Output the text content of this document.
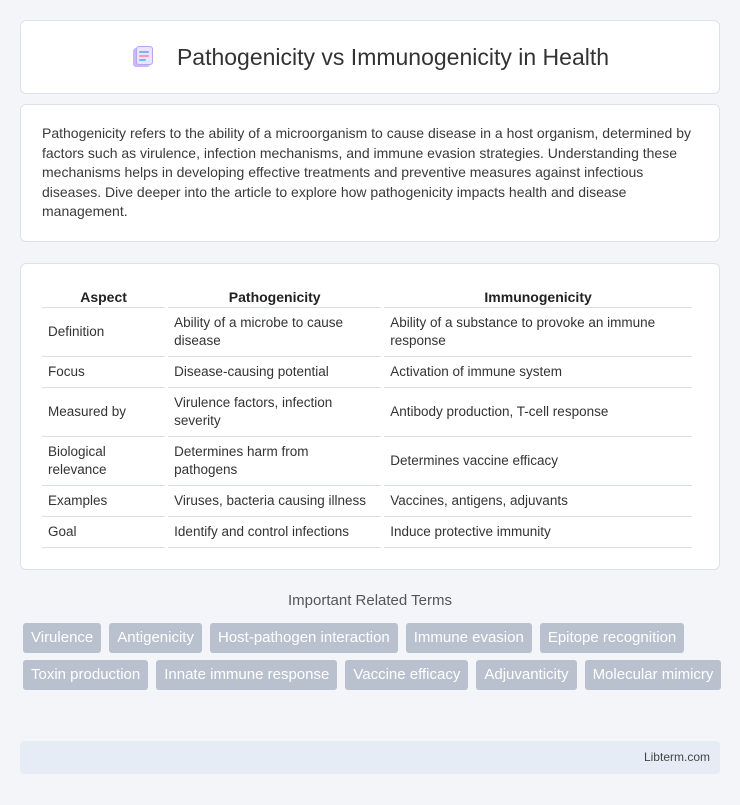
Pathogenicity vs Immunogenicity in Health

Pathogenicity refers to the ability of a microorganism to cause disease in a host organism, determined by factors such as virulence, infection mechanisms, and immune evasion strategies. Understanding these mechanisms helps in developing effective treatments and preventive measures against infectious diseases. Dive deeper into the article to explore how pathogenicity impacts health and disease management.

Aspect	Pathogenicity	Immunogenicity
Definition	Ability of a microbe to cause disease	Ability of a substance to provoke an immune response
Focus	Disease-causing potential	Activation of immune system
Measured by	Virulence factors, infection severity	Antibody production, T-cell response
Biological relevance	Determines harm from pathogens	Determines vaccine efficacy
Examples	Viruses, bacteria causing illness	Vaccines, antigens, adjuvants
Goal	Identify and control infections	Induce protective immunity
Important Related Terms
Virulence	Antigenicity	Host-pathogen interaction	Immune evasion	Epitope recognition
Toxin production	Innate immune response	Vaccine efficacy	Adjuvanticity	Molecular mimicry
Libterm.com
